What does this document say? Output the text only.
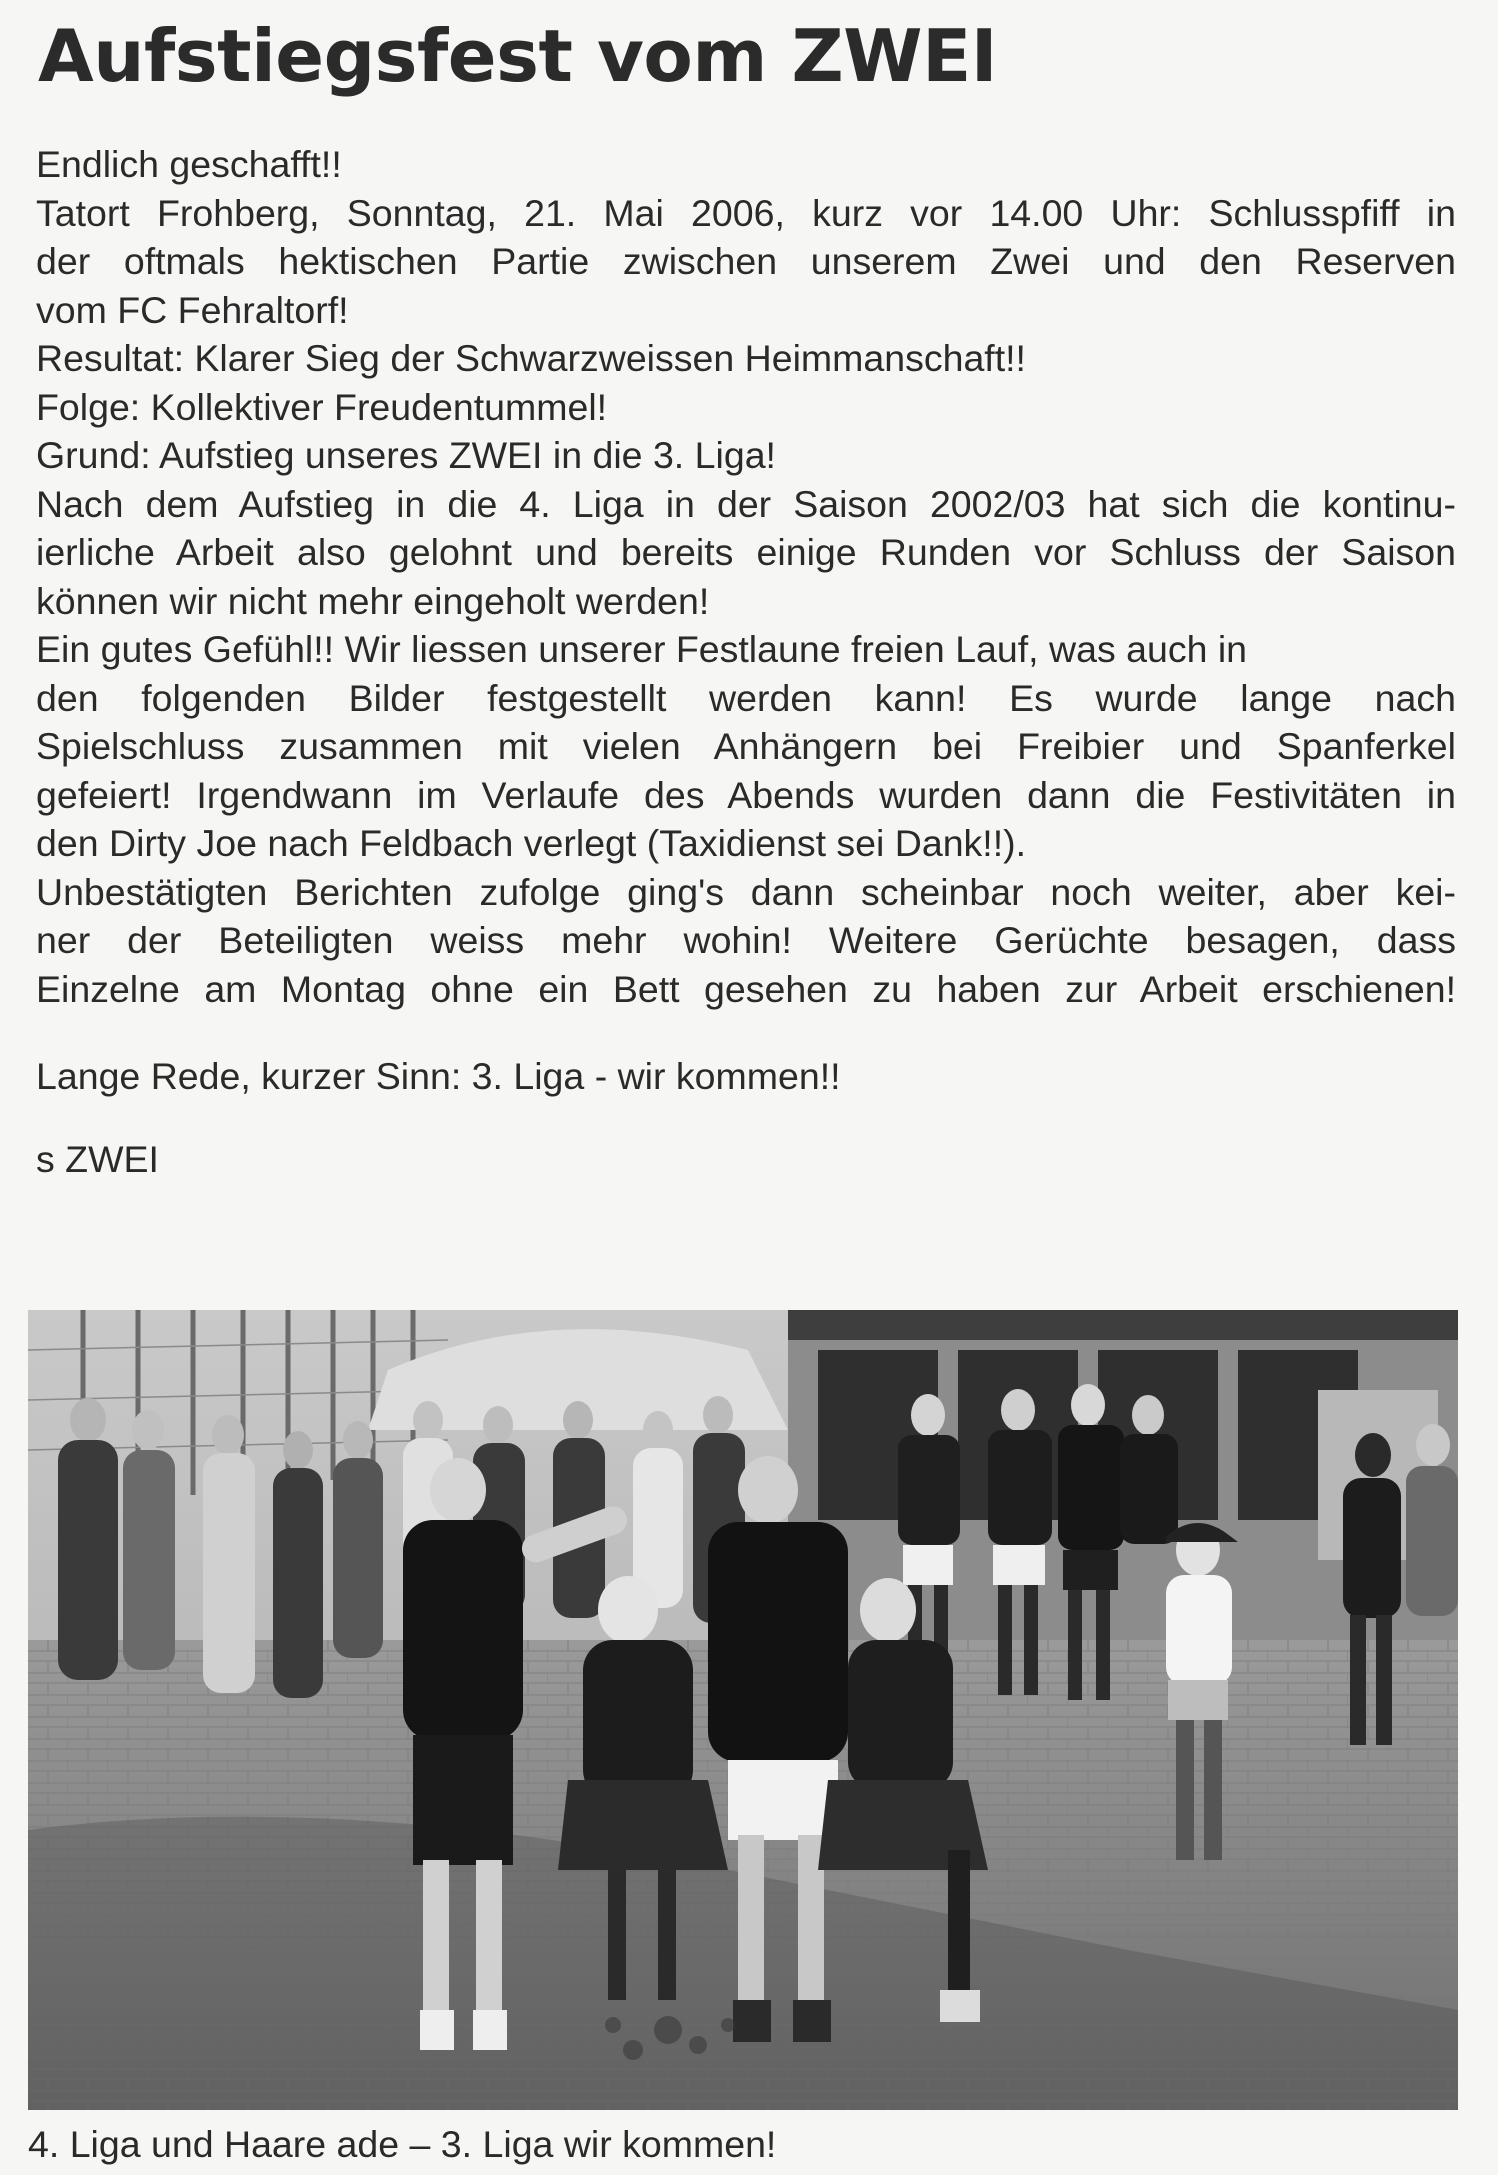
Aufstiegsfest vom ZWEI
Endlich geschafft!!
Tatort Frohberg, Sonntag, 21. Mai 2006, kurz vor 14.00 Uhr: Schlusspfiff in
der oftmals hektischen Partie zwischen unserem Zwei und den Reserven
vom FC Fehraltorf!
Resultat: Klarer Sieg der Schwarzweissen Heimmanschaft!!
Folge: Kollektiver Freudentummel!
Grund: Aufstieg unseres ZWEI in die 3. Liga!
Nach dem Aufstieg in die 4. Liga in der Saison 2002/03 hat sich die kontinu-
ierliche Arbeit also gelohnt und bereits einige Runden vor Schluss der Saison
können wir nicht mehr eingeholt werden!
Ein gutes Gefühl!! Wir liessen unserer Festlaune freien Lauf, was auch in
den folgenden Bilder festgestellt werden kann! Es wurde lange nach
Spielschluss zusammen mit vielen Anhängern bei Freibier und Spanferkel
gefeiert! Irgendwann im Verlaufe des Abends wurden dann die Festivitäten in
den Dirty Joe nach Feldbach verlegt (Taxidienst sei Dank!!).
Unbestätigten Berichten zufolge ging's dann scheinbar noch weiter, aber kei-
ner der Beteiligten weiss mehr wohin! Weitere Gerüchte besagen, dass
Einzelne am Montag ohne ein Bett gesehen zu haben zur Arbeit erschienen!
Lange Rede, kurzer Sinn: 3. Liga - wir kommen!!
s ZWEI
4. Liga und Haare ade – 3. Liga wir kommen!
